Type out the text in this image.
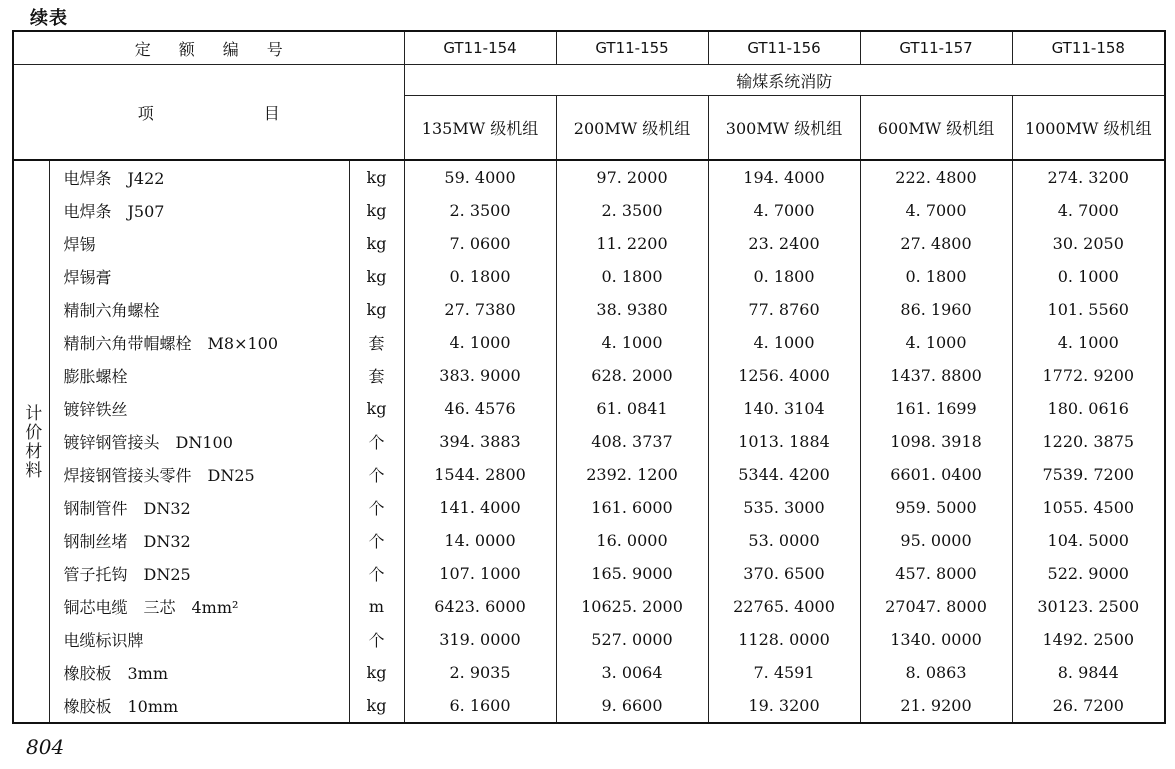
续表
定额编号			GT11-154	GT11-155	GT11-156	GT11-157	GT11-158
项目			输煤系统消防				
			135MW 级机组	200MW 级机组	300MW 级机组	600MW 级机组	1000MW 级机组
计价材料	电焊条　J422	kg	59. 4000	97. 2000	194. 4000	222. 4800	274. 3200
	电焊条　J507	kg	2. 3500	2. 3500	4. 7000	4. 7000	4. 7000
	焊锡	kg	7. 0600	11. 2200	23. 2400	27. 4800	30. 2050
	焊锡膏	kg	0. 1800	0. 1800	0. 1800	0. 1800	0. 1000
	精制六角螺栓	kg	27. 7380	38. 9380	77. 8760	86. 1960	101. 5560
	精制六角带帽螺栓　M8×100	套	4. 1000	4. 1000	4. 1000	4. 1000	4. 1000
	膨胀螺栓	套	383. 9000	628. 2000	1256. 4000	1437. 8800	1772. 9200
	镀锌铁丝	kg	46. 4576	61. 0841	140. 3104	161. 1699	180. 0616
	镀锌钢管接头　DN100	个	394. 3883	408. 3737	1013. 1884	1098. 3918	1220. 3875
	焊接钢管接头零件　DN25	个	1544. 2800	2392. 1200	5344. 4200	6601. 0400	7539. 7200
	钢制管件　DN32	个	141. 4000	161. 6000	535. 3000	959. 5000	1055. 4500
	钢制丝堵　DN32	个	14. 0000	16. 0000	53. 0000	95. 0000	104. 5000
	管子托钩　DN25	个	107. 1000	165. 9000	370. 6500	457. 8000	522. 9000
	铜芯电缆　三芯　4mm²	m	6423. 6000	10625. 2000	22765. 4000	27047. 8000	30123. 2500
	电缆标识牌	个	319. 0000	527. 0000	1128. 0000	1340. 0000	1492. 2500
	橡胶板　3mm	kg	2. 9035	3. 0064	7. 4591	8. 0863	8. 9844
	橡胶板　10mm	kg	6. 1600	9. 6600	19. 3200	21. 9200	26. 7200
804
